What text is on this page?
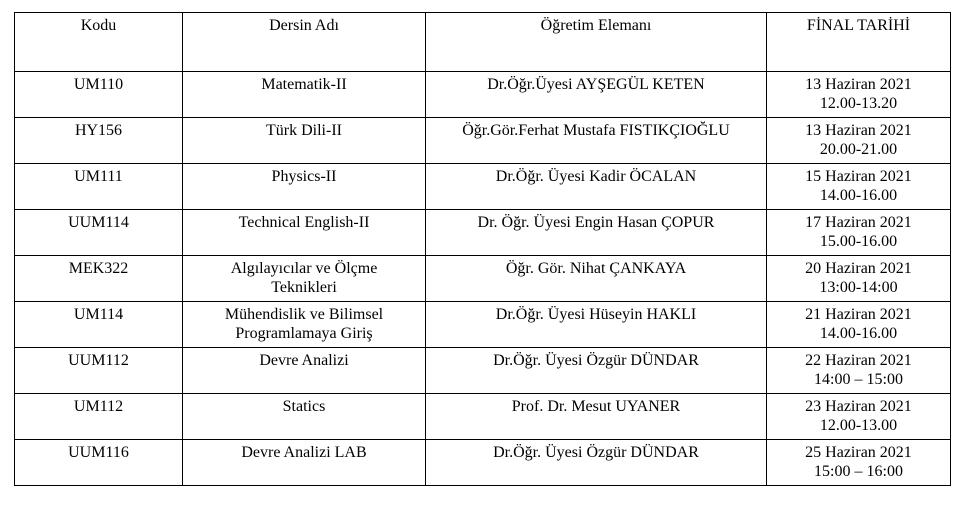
Kodu	Dersin Adı	Öğretim Elemanı	FİNAL TARİHİ
UM110	Matematik-II	Dr.Öğr.Üyesi AYŞEGÜL KETEN	13 Haziran 2021
12.00-13.20

HY156	Türk Dili-II	Öğr.Gör.Ferhat Mustafa FISTIKÇIOĞLU	13 Haziran 2021
20.00-21.00

UM111	Physics-II	Dr.Öğr. Üyesi Kadir ÖCALAN	15 Haziran 2021
14.00-16.00

UUM114	Technical English-II	Dr. Öğr. Üyesi Engin Hasan ÇOPUR	17 Haziran 2021
15.00-16.00

MEK322	Algılayıcılar ve Ölçme
Teknikleri	Öğr. Gör. Nihat ÇANKAYA	20 Haziran 2021
13:00-14:00

UM114	Mühendislik ve Bilimsel
Programlamaya Giriş	Dr.Öğr. Üyesi Hüseyin HAKLI	21 Haziran 2021
14.00-16.00

UUM112	Devre Analizi	Dr.Öğr. Üyesi Özgür DÜNDAR	22 Haziran 2021
14:00 – 15:00

UM112	Statics	Prof. Dr. Mesut UYANER	23 Haziran 2021
12.00-13.00

UUM116	Devre Analizi LAB	Dr.Öğr. Üyesi Özgür DÜNDAR	25 Haziran 2021
15:00 – 16:00
